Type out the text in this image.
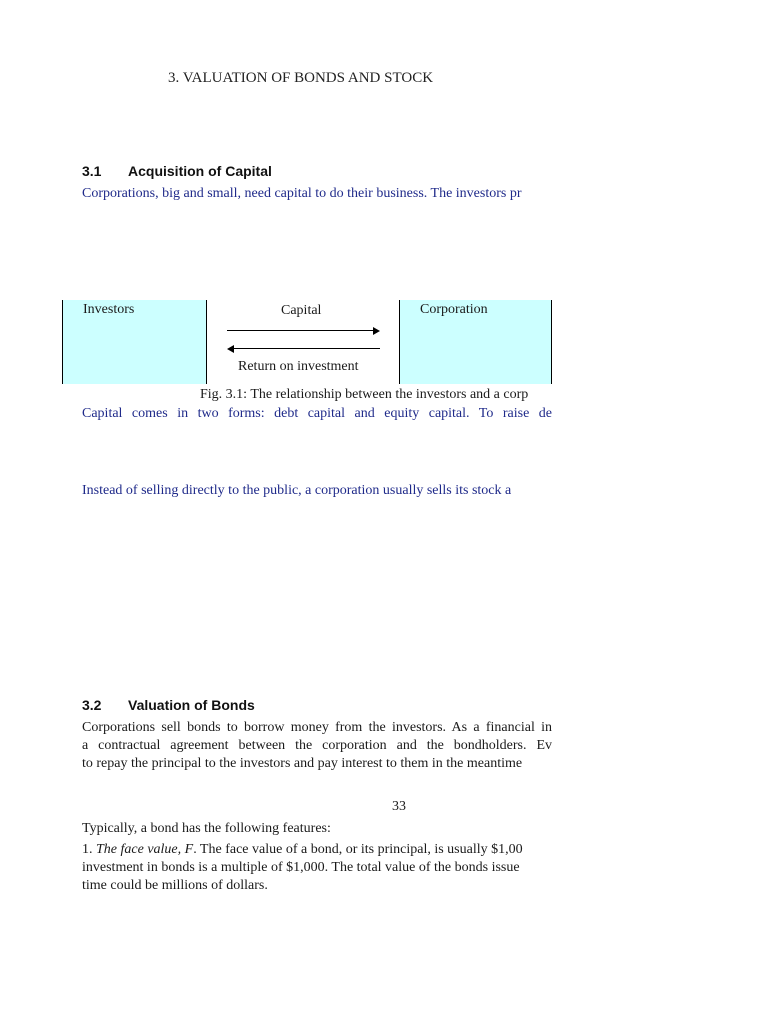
3. VALUATION OF BONDS AND STOCK
3.1 Acquisition of Capital
Corporations, big and small, need capital to do their business. The investors pr
Investors	Corporation
Capital
Return on investment
Fig. 3.1: The relationship between the investors and a corp
Capital comes in two forms: debt capital and equity capital. To raise de
Instead of selling directly to the public, a corporation usually sells its stock a
3.2 Valuation of Bonds
Corporations sell bonds to borrow money from the investors. As a financial in
a contractual agreement between the corporation and the bondholders. Ev
to repay the principal to the investors and pay interest to them in the meantime
33
Typically, a bond has the following features:
1. The face value, F. The face value of a bond, or its principal, is usually $1,00
investment in bonds is a multiple of $1,000. The total value of the bonds issue
time could be millions of dollars.
